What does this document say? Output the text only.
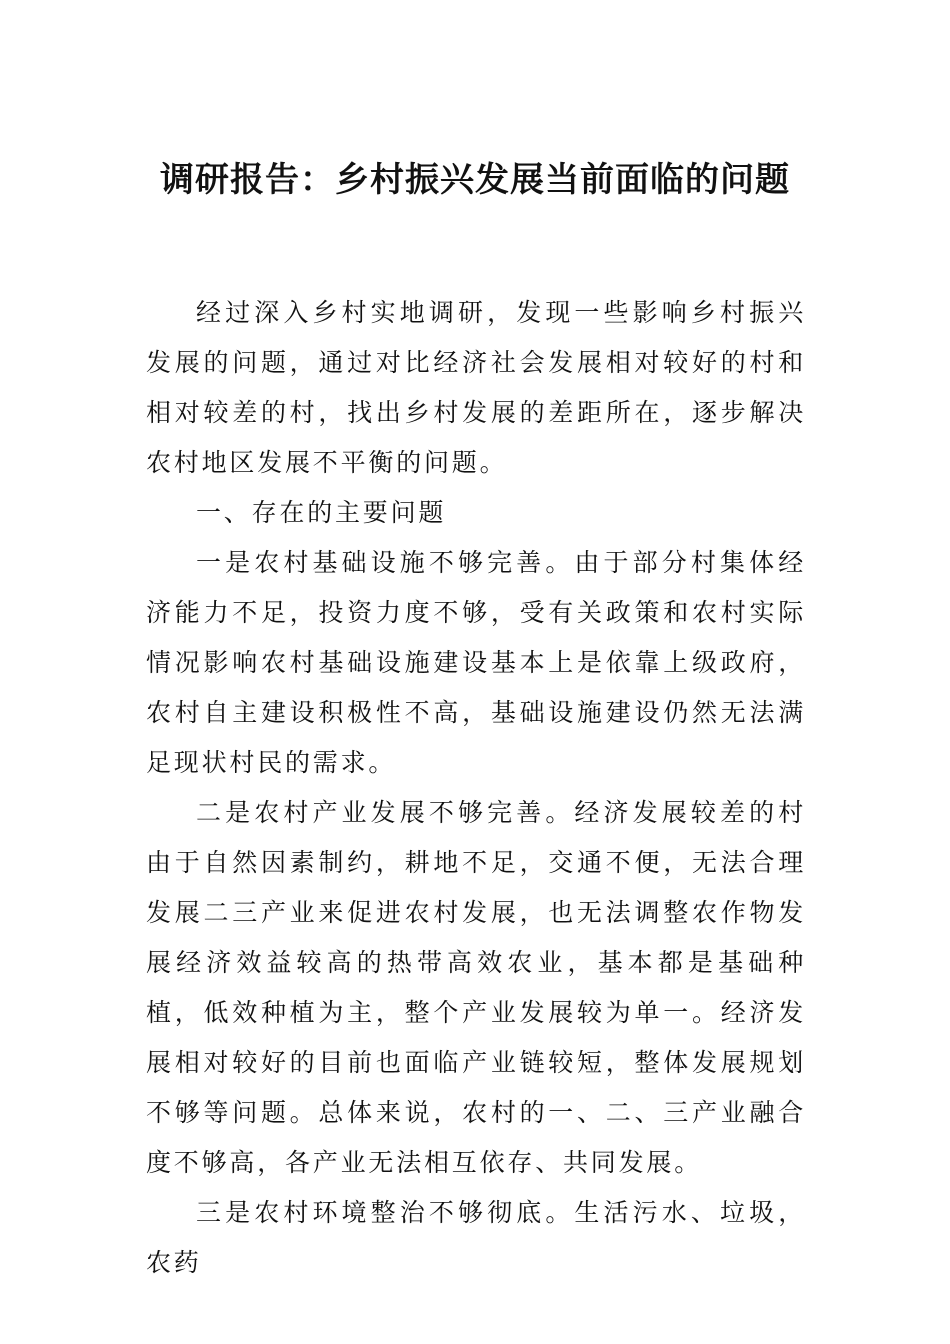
调研报告：乡村振兴发展当前面临的问题

经过深入乡村实地调研，发现一些影响乡村振兴发展的问题，通过对比经济社会发展相对较好的村和相对较差的村，找出乡村发展的差距所在，逐步解决农村地区发展不平衡的问题。

一、存在的主要问题

一是农村基础设施不够完善。由于部分村集体经济能力不足，投资力度不够，受有关政策和农村实际情况影响农村基础设施建设基本上是依靠上级政府，农村自主建设积极性不高，基础设施建设仍然无法满足现状村民的需求。

二是农村产业发展不够完善。经济发展较差的村由于自然因素制约，耕地不足，交通不便，无法合理发展二三产业来促进农村发展，也无法调整农作物发展经济效益较高的热带高效农业，基本都是基础种植，低效种植为主，整个产业发展较为单一。经济发展相对较好的目前也面临产业链较短，整体发展规划不够等问题。总体来说，农村的一、二、三产业融合度不够高，各产业无法相互依存、共同发展。

三是农村环境整治不够彻底。生活污水、垃圾，农药
